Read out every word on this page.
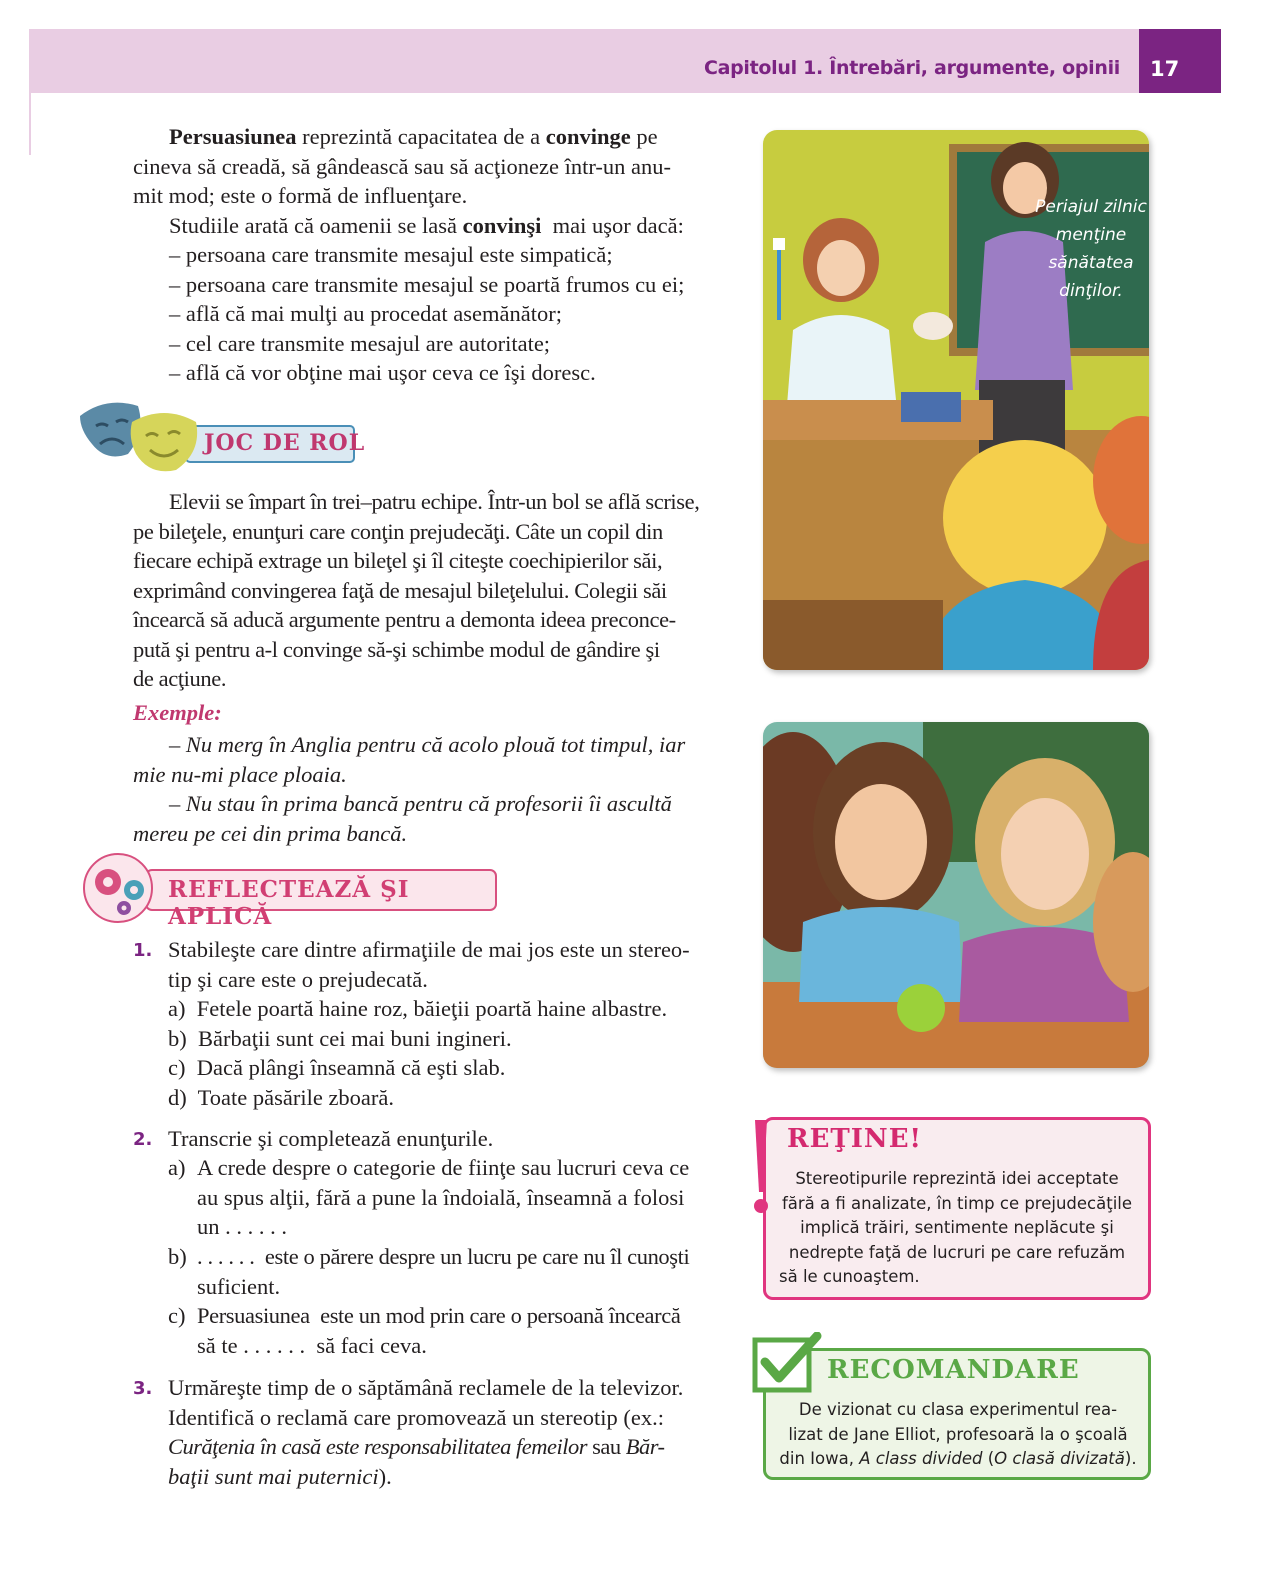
Capitolul 1. Întrebări, argumente, opinii 17
Persuasiunea reprezintă capacitatea de a convinge pe
cineva să creadă, să gândească sau să acţioneze într-un anu-
mit mod; este o formă de influenţare.
Studiile arată că oamenii se lasă convinşi  mai uşor dacă:
– persoana care transmite mesajul este simpatică;
– persoana care transmite mesajul se poartă frumos cu ei;
– află că mai mulţi au procedat asemănător;
– cel care transmite mesajul are autoritate;
– află că vor obţine mai uşor ceva ce îşi doresc.
JOC DE ROL
Elevii se împart în trei–patru echipe. Într-un bol se află scrise,
pe bileţele, enunţuri care conţin prejudecăţi. Câte un copil din
fiecare echipă extrage un bileţel şi îl citeşte coechipierilor săi,
exprimând convingerea faţă de mesajul bileţelului. Colegii săi
încearcă să aducă argumente pentru a demonta ideea preconce-
pută şi pentru a-l convinge să-şi schimbe modul de gândire şi
de acţiune.
Exemple:
– Nu merg în Anglia pentru că acolo plouă tot timpul, iar
mie nu-mi place ploaia.
– Nu stau în prima bancă pentru că profesorii îi ascultă
mereu pe cei din prima bancă.
REFLECTEAZĂ ŞI APLICĂ
1. Stabileşte care dintre afirmaţiile de mai jos este un stereo-
tip şi care este o prejudecată.
a)  Fetele poartă haine roz, băieţii poartă haine albastre.
b)  Bărbaţii sunt cei mai buni ingineri.
c)  Dacă plângi înseamnă că eşti slab.
d)  Toate păsările zboară.
2. Transcrie şi completează enunţurile.
a) A crede despre o categorie de fiinţe sau lucruri ceva ce
au spus alţii, fără a pune la îndoială, înseamnă a folosi
un . . . . . .
b) . . . . . .  este o părere despre un lucru pe care nu îl cunoşti
suficient.
c) Persuasiunea  este un mod prin care o persoană încearcă
să te . . . . . .  să faci ceva.
3. Urmăreşte timp de o săptămână reclamele de la televizor.
Identifică o reclamă care promovează un stereotip (ex.:
Curăţenia în casă este responsabilitatea femeilor sau Băr-
baţii sunt mai puternici).
Periajul zilnic
menţine
sănătatea
dinţilor.
REŢINE!
Stereotipurile reprezintă idei acceptate
fără a fi analizate, în timp ce prejudecăţile
implică trăiri, sentimente neplăcute şi
nedrepte faţă de lucruri pe care refuzăm
să le cunoaştem.
RECOMANDARE
De vizionat cu clasa experimentul rea-
lizat de Jane Elliot, profesoară la o şcoală
din Iowa, A class divided (O clasă divizată).
